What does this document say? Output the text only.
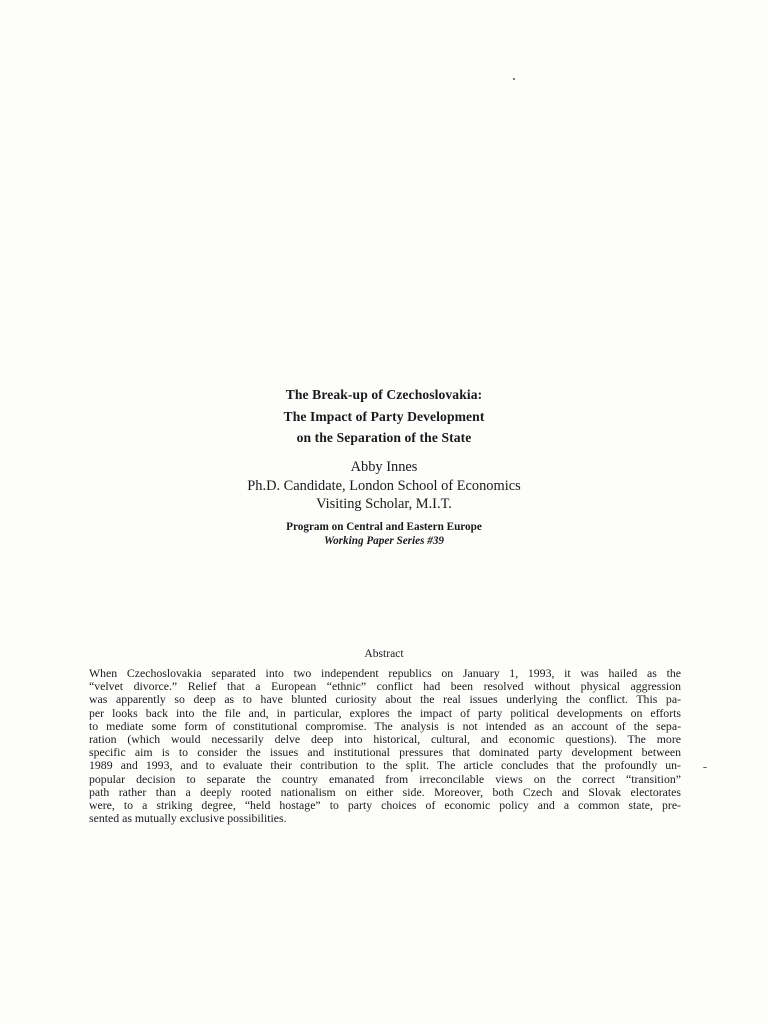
The Break-up of Czechoslovakia:
The Impact of Party Development
on the Separation of the State
Abby Innes
Ph.D. Candidate, London School of Economics
Visiting Scholar, M.I.T.
Program on Central and Eastern Europe
Working Paper Series #39
Abstract
When Czechoslovakia separated into two independent republics on January 1, 1993, it was hailed as the
“velvet divorce.” Relief that a European “ethnic” conflict had been resolved without physical aggression
was apparently so deep as to have blunted curiosity about the real issues underlying the conflict. This pa-
per looks back into the file and, in particular, explores the impact of party political developments on efforts
to mediate some form of constitutional compromise. The analysis is not intended as an account of the sepa-
ration (which would necessarily delve deep into historical, cultural, and economic questions). The more
specific aim is to consider the issues and institutional pressures that dominated party development between
1989 and 1993, and to evaluate their contribution to the split. The article concludes that the profoundly un-
popular decision to separate the country emanated from irreconcilable views on the correct “transition”
path rather than a deeply rooted nationalism on either side. Moreover, both Czech and Slovak electorates
were, to a striking degree, “held hostage” to party choices of economic policy and a common state, pre-
sented as mutually exclusive possibilities.
